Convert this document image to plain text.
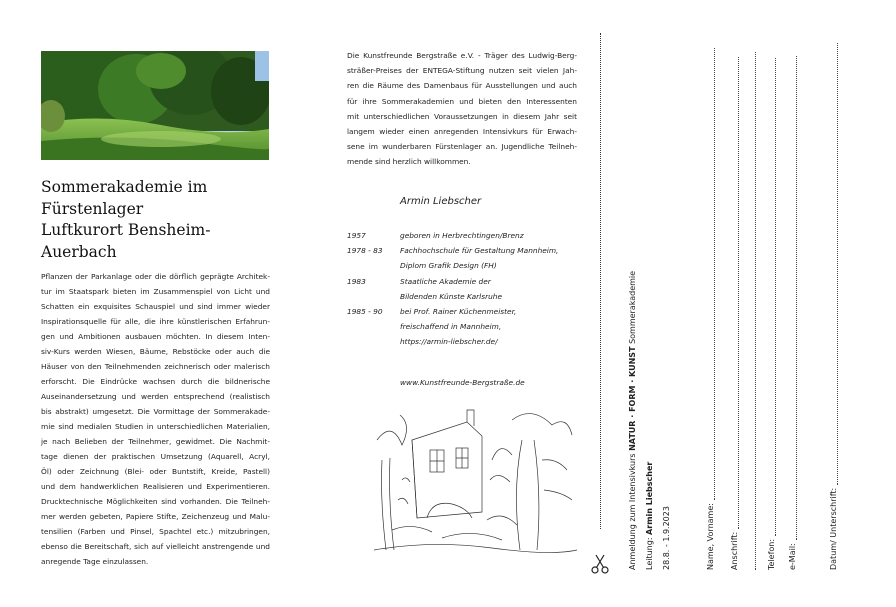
Sommerakademie im
Fürstenlager
Luftkurort Bensheim-
Auerbach
Pflanzen der Parkanlage oder die dörflich geprägte Architek-
tur im Staatspark bieten im Zusammenspiel von Licht und
Schatten ein exquisites Schauspiel und sind immer wieder
Inspirationsquelle für alle, die ihre künstlerischen Erfahrun-
gen und Ambitionen ausbauen möchten. In diesem Inten-
siv-Kurs werden Wiesen, Bäume, Rebstöcke oder auch die
Häuser von den Teilnehmenden zeichnerisch oder malerisch
erforscht. Die Eindrücke wachsen durch die bildnerische
Auseinandersetzung und werden entsprechend (realistisch
bis abstrakt) umgesetzt. Die Vormittage der Sommerakade-
mie sind medialen Studien in unterschiedlichen Materialien,
je nach Belieben der Teilnehmer, gewidmet. Die Nachmit-
tage dienen der praktischen Umsetzung (Aquarell, Acryl,
Öl) oder Zeichnung (Blei- oder Buntstift, Kreide, Pastell)
und dem handwerklichen Realisieren und Experimentieren.
Drucktechnische Möglichkeiten sind vorhanden. Die Teilneh-
mer werden gebeten, Papiere Stifte, Zeichenzeug und Malu-
tensilien (Farben und Pinsel, Spachtel etc.) mitzubringen,
ebenso die Bereitschaft, sich auf vielleicht anstrengende und
anregende Tage einzulassen.
Die Kunstfreunde Bergstraße e.V. - Träger des Ludwig-Berg-
sträßer-Preises der ENTEGA-Stiftung nutzen seit vielen Jah-
ren die Räume des Damenbaus für Ausstellungen und auch
für ihre Sommerakademien und bieten den Interessenten
mit unterschiedlichen Voraussetzungen in diesem Jahr seit
langem wieder einen anregenden Intensivkurs für Erwach-
sene im wunderbaren Fürstenlager an. Jugendliche Teilneh-
mende sind herzlich willkommen.
Armin Liebscher
1957	geboren in Herbrechtingen/Brenz
1978 - 83	Fachhochschule für Gestaltung Mannheim,
Diplom Grafik Design (FH)
1983	Staatliche Akademie der
Bildenden Künste Karlsruhe
1985 - 90	bei Prof. Rainer Küchenmeister,
freischaffend in Mannheim,
https://armin-liebscher.de/
www.Kunstfreunde-Bergstraße.de
Anmeldung zum Intensivkurs NATUR · FORM · KUNST Sommerakademie
Leitung: Armin Liebscher
28.8. - 1.9.2023	Name, Vorname: Anschrift:	Telefon: e-Mail:	Datum/ Unterschrift:
